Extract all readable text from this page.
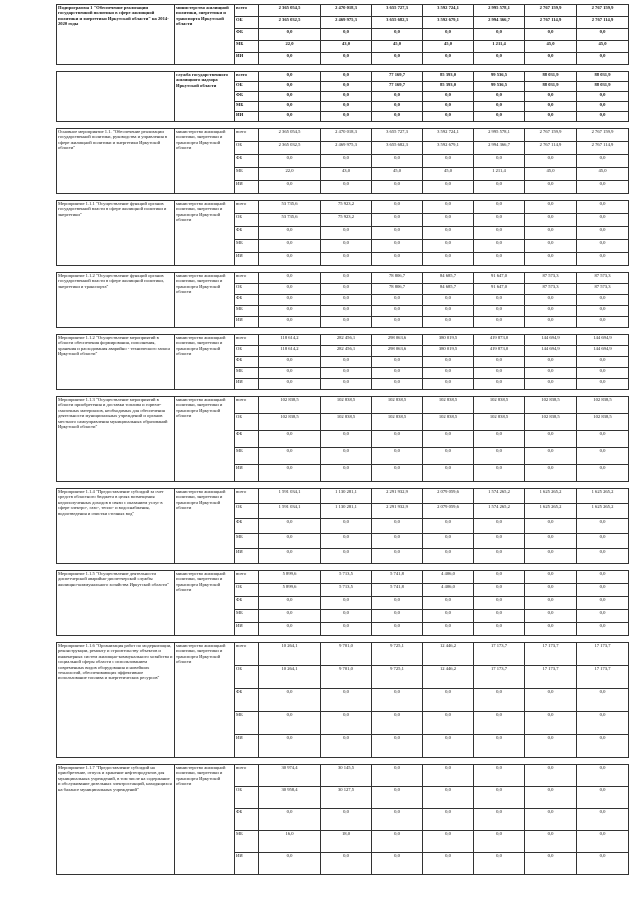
Подпрограмма 1 "Обеспечение реализации государственной политики в сфере жилищной политики и энергетики Иркутской области" на 2014-2020 годы	министерство жилищной политики, энергетики и транспорта Иркутской области	всего	2 365 054,5	2 470 018,3	3 655 727,3	3 592 724,1	2 995 578,1	2 767 159,9	2 767 159,9
		ОБ	2 365 032,5	2 469 975,3	3 655 682,3	3 592 679,1	2 994 366,7	2 767 114,9	2 767 114,9
		ФБ	0,0	0,0	0,0	0,0	0,0	0,0	0,0
		МБ	22,0	43,0	45,0	45,0	1 211,4	45,0	45,0
		ИИ	0,0	0,0	0,0	0,0	0,0	0,0	0,0

	служба государственного жилищного надзора Иркутской области	всего	0,0	0,0	77 169,7	85 393,0	99 536,5	88 031,9	88 031,9
		ОБ	0,0	0,0	77 169,7	85 393,0	99 536,5	88 031,9	88 031,9
		ФБ	0,0	0,0	0,0	0,0	0,0	0,0	0,0
		МБ	0,0	0,0	0,0	0,0	0,0	0,0	0,0
		ИИ	0,0	0,0	0,0	0,0	0,0	0,0	0,0

Основное мероприятие 1.1. "Обеспечение реализации государственной политики, руководства и управления в сфере жилищной политики и энергетики Иркутской области"	министерство жилищной политики, энергетики и транспорта Иркутской области	всего	2 365 054,5	2 470 018,3	3 655 727,3	3 592 724,1	2 995 578,1	2 767 159,9	2 767 159,9
		ОБ	2 365 032,5	2 469 975,3	3 655 682,3	3 592 679,1	2 994 366,7	2 767 114,9	2 767 114,9
		ФБ	0,0	0,0	0,0	0,0	0,0	0,0	0,0
		МБ	22,0	43,0	45,0	45,0	1 211,4	45,0	45,0
		ИИ	0,0	0,0	0,0	0,0	0,0	0,0	0,0

Мероприятие 1.1.1 "Осуществление функций органов государственной власти в сфере жилищной политики и энергетики"	министерство жилищной политики, энергетики и транспорта Иркутской области	всего	53 735,6	75 923,2	0,0	0,0	0,0	0,0	0,0
		ОБ	53 735,6	75 923,2	0,0	0,0	0,0	0,0	0,0
		ФБ	0,0	0,0	0,0	0,0	0,0	0,0	0,0
		МБ	0,0	0,0	0,0	0,0	0,0	0,0	0,0
		ИИ	0,0	0,0	0,0	0,0	0,0	0,0	0,0

Мероприятие 1.1.2 "Осуществление функций органов государственной власти в сфере жилищной политики, энергетики и транспорта"	министерство жилищной политики, энергетики и транспорта Иркутской области	всего	0,0	0,0	78 806,7	84 685,7	91 647,0	87 573,3	87 573,3
		ОБ	0,0	0,0	78 806,7	84 685,7	91 647,0	87 573,3	87 573,3
		ФБ	0,0	0,0	0,0	0,0	0,0	0,0	0,0
		МБ	0,0	0,0	0,0	0,0	0,0	0,0	0,0
		ИИ	0,0	0,0	0,0	0,0	0,0	0,0	0,0

Мероприятие 1.1.2 "Осуществление мероприятий в области обеспечения формирования, пополнения, хранения и расходования аварийно - технического запаса Иркутской области"	министерство жилищной политики, энергетики и транспорта Иркутской области	всего	118 614,2	282 456,1	298 063,6	380 019,5	419 873,0	144 694,9	144 694,9
		ОБ	118 614,2	282 456,1	298 063,6	380 019,5	419 873,0	144 694,9	144 694,9
		ФБ	0,0	0,0	0,0	0,0	0,0	0,0	0,0
		МБ	0,0	0,0	0,0	0,0	0,0	0,0	0,0
		ИИ	0,0	0,0	0,0	0,0	0,0	0,0	0,0

Мероприятие 1.1.3 "Осуществление мероприятий в области приобретения и доставки топлива и горюче-смазочных материалов, необходимых для обеспечения деятельности муниципальных учреждений и органов местного самоуправления муниципальных образований Иркутской области"	министерство жилищной политики, энергетики и транспорта Иркутской области	всего	102 838,5	102 838,5	102 838,5	102 838,5	102 838,5	102 838,5	102 838,5
		ОБ	102 838,5	102 838,5	102 838,5	102 838,5	102 838,5	102 838,5	102 838,5
		ФБ	0,0	0,0	0,0	0,0	0,0	0,0	0,0
		МБ	0,0	0,0	0,0	0,0	0,0	0,0	0,0
		ИИ	0,0	0,0	0,0	0,0	0,0	0,0	0,0

Мероприятие 1.1.4 "Предоставление субсидий за счет средств областного бюджета в целях возмещения недополученных доходов в связи с оказанием услуг в сфере электро-, газо-, тепло- и водоснабжения, водоотведения и очистки сточных вод"	министерство жилищной политики, энергетики и транспорта Иркутской области	всего	1 591 034,1	1 130 281,1	2 291 932,9	2 079 059,6	1 574 265,2	1 625 265,2	1 625 265,2
		ОБ	1 591 034,1	1 130 281,1	2 291 932,9	2 079 059,6	1 574 265,2	1 625 265,2	1 625 265,2
		ФБ	0,0	0,0	0,0	0,0	0,0	0,0	0,0
		МБ	0,0	0,0	0,0	0,0	0,0	0,0	0,0
		ИИ	0,0	0,0	0,0	0,0	0,0	0,0	0,0

Мероприятие 1.1.5 "Осуществление деятельности диспетчерской аварийно-диспетчерской службы жилищно-коммунального хозяйства Иркутской области"	министерство жилищной политики, энергетики и транспорта Иркутской области	всего	5 899,6	5 713,5	5 741,8	4 406,0	0,0	0,0	0,0
		ОБ	5 899,6	5 713,5	5 741,8	4 406,0	0,0	0,0	0,0
		ФБ	0,0	0,0	0,0	0,0	0,0	0,0	0,0
		МБ	0,0	0,0	0,0	0,0	0,0	0,0	0,0
		ИИ	0,0	0,0	0,0	0,0	0,0	0,0	0,0

Мероприятие 1.1.6 "Организация работ по модернизации, реконструкции, ремонту и строительству объектов и инженерных систем жилищно-коммунального хозяйства и социальной сферы области с использованием современных видов оборудования и новейших технологий, обеспечивающих эффективное использование топлива и энергетических ресурсов"	министерство жилищной политики, энергетики и транспорта Иркутской области	всего	10 264,1	9 701,0	9 725,1	12 446,2	17 173,7	17 173,7	17 173,7
		ОБ	10 264,1	9 701,0	9 725,1	12 446,2	17 173,7	17 173,7	17 173,7
		ФБ	0,0	0,0	0,0	0,0	0,0	0,0	0,0
		МБ	0,0	0,0	0,0	0,0	0,0	0,0	0,0
		ИИ	0,0	0,0	0,0	0,0	0,0	0,0	0,0

Мероприятие 1.1.7 "Предоставление субсидий на приобретение, отпуск и хранение нефтепродуктов для муниципальных учреждений, в том числе на содержание и обслуживание дизельных электростанций, находящихся на балансе муниципальных учреждений"	министерство жилищной политики, энергетики и транспорта Иркутской области	всего	30 974,4	30 145,5	0,0	0,0	0,0	0,0	0,0
		ОБ	30 958,4	30 127,5	0,0	0,0	0,0	0,0	0,0
		ФБ	0,0	0,0	0,0	0,0	0,0	0,0	0,0
		МБ	16,0	18,0	0,0	0,0	0,0	0,0	0,0
		ИИ	0,0	0,0	0,0	0,0	0,0	0,0	0,0
